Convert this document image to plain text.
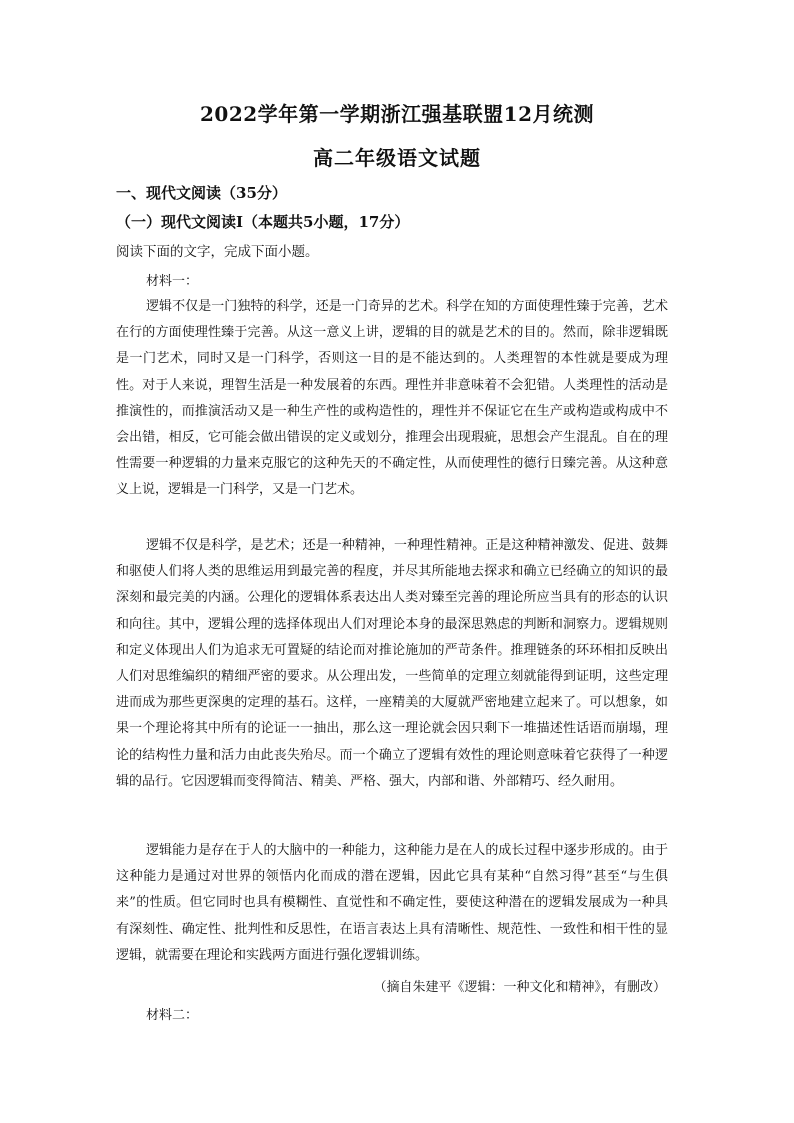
2022学年第一学期浙江强基联盟12月统测
高二年级语文试题
一、现代文阅读（35分）
（一）现代文阅读Ⅰ（本题共5小题，17分）
阅读下面的文字，完成下面小题。
材料一：

逻辑不仅是一门独特的科学，还是一门奇异的艺术。科学在知的方面使理性臻于完善，艺术在行的方面使理性臻于完善。从这一意义上讲，逻辑的目的就是艺术的目的。然而，除非逻辑既是一门艺术，同时又是一门科学，否则这一目的是不能达到的。人类理智的本性就是要成为理性。对于人来说，理智生活是一种发展着的东西。理性并非意味着不会犯错。人类理性的活动是推演性的，而推演活动又是一种生产性的或构造性的，理性并不保证它在生产或构造或构成中不会出错，相反，它可能会做出错误的定义或划分，推理会出现瑕疵，思想会产生混乱。自在的理性需要一种逻辑的力量来克服它的这种先天的不确定性，从而使理性的德行日臻完善。从这种意义上说，逻辑是一门科学，又是一门艺术。

逻辑不仅是科学，是艺术；还是一种精神，一种理性精神。正是这种精神激发、促进、鼓舞和驱使人们将人类的思维运用到最完善的程度，并尽其所能地去探求和确立已经确立的知识的最深刻和最完美的内涵。公理化的逻辑体系表达出人类对臻至完善的理论所应当具有的形态的认识和向往。其中，逻辑公理的选择体现出人们对理论本身的最深思熟虑的判断和洞察力。逻辑规则和定义体现出人们为追求无可置疑的结论而对推论施加的严苛条件。推理链条的环环相扣反映出人们对思维编织的精细严密的要求。从公理出发，一些简单的定理立刻就能得到证明，这些定理进而成为那些更深奥的定理的基石。这样，一座精美的大厦就严密地建立起来了。可以想象，如果一个理论将其中所有的论证一一抽出，那么这一理论就会因只剩下一堆描述性话语而崩塌，理论的结构性力量和活力由此丧失殆尽。而一个确立了逻辑有效性的理论则意味着它获得了一种逻辑的品行。它因逻辑而变得简洁、精美、严格、强大，内部和谐、外部精巧、经久耐用。

逻辑能力是存在于人的大脑中的一种能力，这种能力是在人的成长过程中逐步形成的。由于这种能力是通过对世界的领悟内化而成的潜在逻辑，因此它具有某种“自然习得”甚至“与生俱来”的性质。但它同时也具有模糊性、直觉性和不确定性，要使这种潜在的逻辑发展成为一种具有深刻性、确定性、批判性和反思性，在语言表达上具有清晰性、规范性、一致性和相干性的显逻辑，就需要在理论和实践两方面进行强化逻辑训练。

（摘自朱建平《逻辑：一种文化和精神》，有删改）
材料二：
